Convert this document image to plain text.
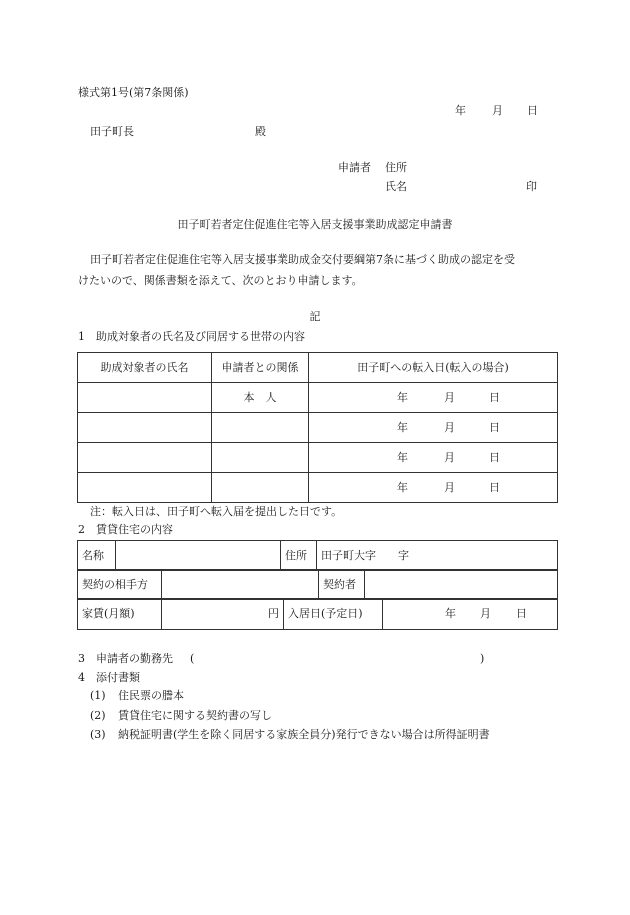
様式第1号(第7条関係)
年 月 日
田子町長	殿
申請者 住所
氏名	印
田子町若者定住促進住宅等入居支援事業助成認定申請書
田子町若者定住促進住宅等入居支援事業助成金交付要綱第7条に基づく助成の認定を受
けたいので、関係書類を添えて、次のとおり申請します。
記
1　助成対象者の氏名及び同居する世帯の内容
助成対象者の氏名	申請者との関係	田子町への転入日(転入の場合)
	本　人	年 月 日
		年 月 日
		年 月 日
		年 月 日
注：転入日は、田子町へ転入届を提出した日です。
2　賃貸住宅の内容
名称		住所	田子町大字　　字
契約の相手方		契約者	
家賃(月額)	円	入居日(予定日)	年 月 日
3　申請者の勤務先 (	)
4　添付書類
(1) 住民票の謄本
(2) 賃貸住宅に関する契約書の写し
(3) 納税証明書(学生を除く同居する家族全員分)発行できない場合は所得証明書
